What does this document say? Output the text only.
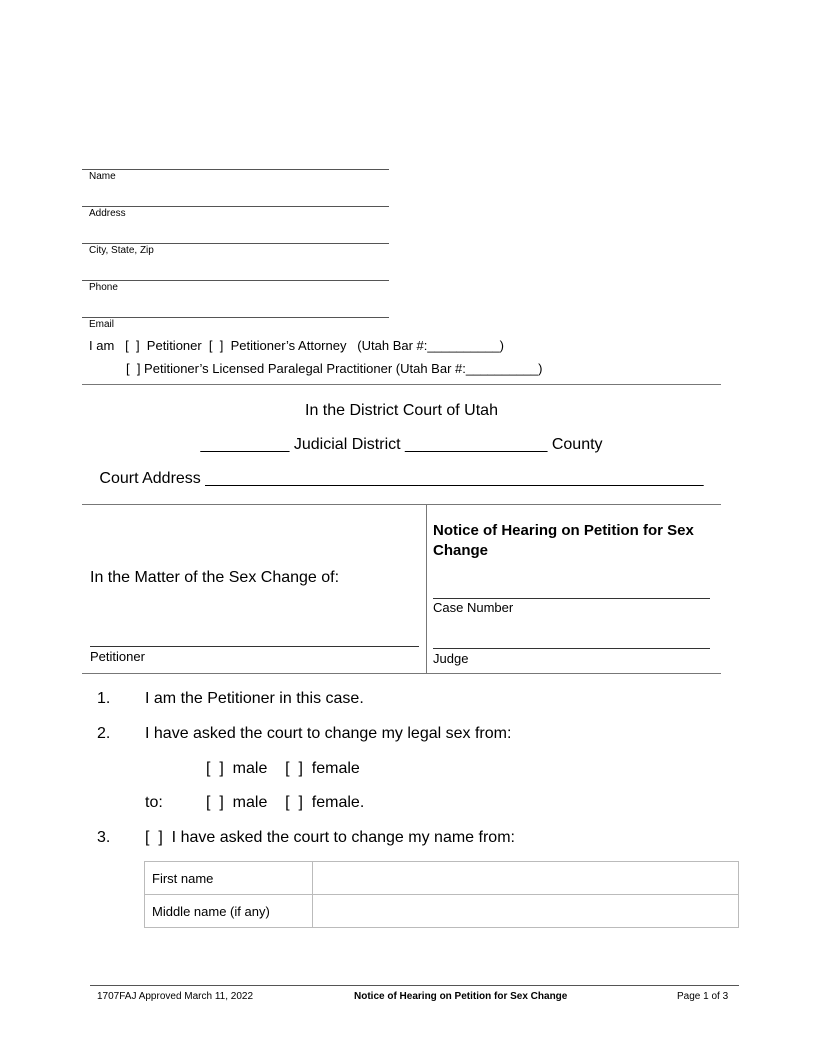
Name
Address
City, State, Zip
Phone
Email
I am   [  ]  Petitioner  [  ]  Petitioner’s Attorney   (Utah Bar #:__________)
[  ] Petitioner’s Licensed Paralegal Practitioner (Utah Bar #:__________)
In the District Court of Utah
__________ Judicial District ________________ County
Court Address ________________________________________________________
In the Matter of the Sex Change of:
Petitioner
Notice of Hearing on Petition for Sex Change
Case Number
Judge
1. I am the Petitioner in this case.
2. I have asked the court to change my legal sex from:
[  ]  male    [  ]  female
to:	[  ]  male    [  ]  female.
3. [  ]  I have asked the court to change my name from:
First name	
Middle name (if any)	
1707FAJ Approved March 11, 2022	Notice of Hearing on Petition for Sex Change	Page 1 of 3
